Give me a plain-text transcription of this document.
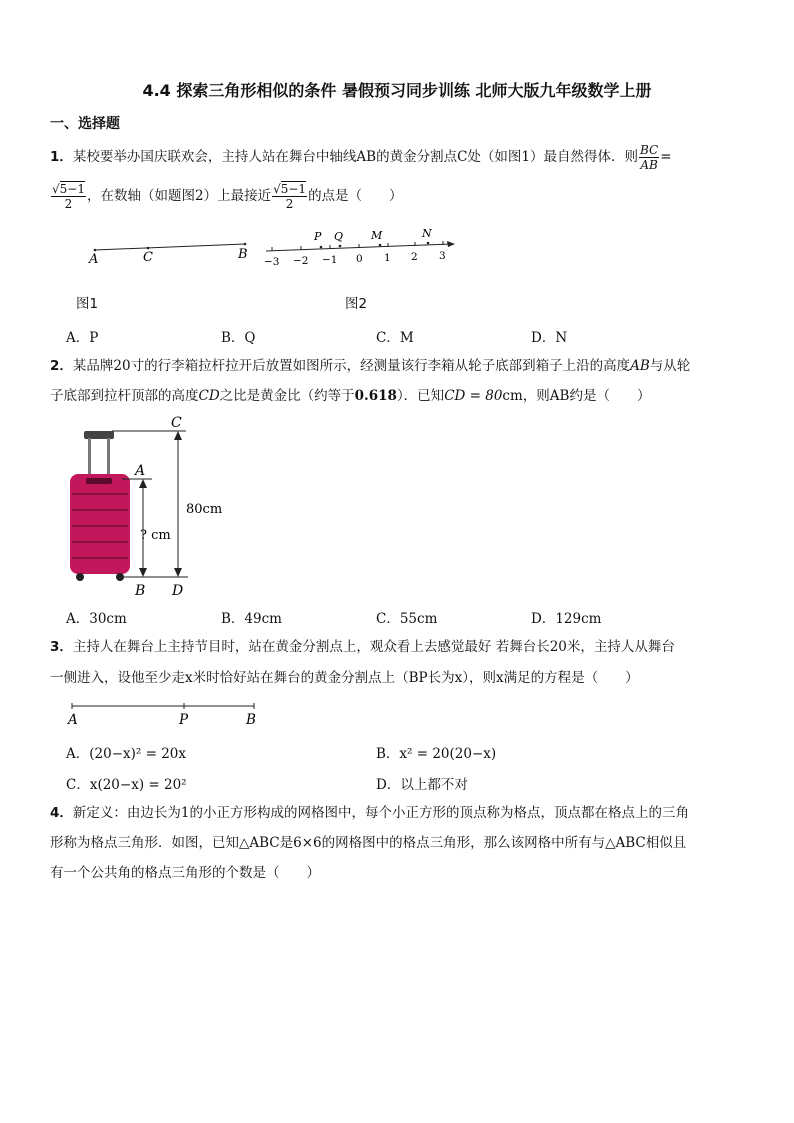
4.4 探索三角形相似的条件 暑假预习同步训练 北师大版九年级数学上册
一、选择题
1．某校要举办国庆联欢会，主持人站在舞台中轴线AB的黄金分割点C处（如图1）最自然得体．则 $\frac{BC}{AB}$ =
$\frac{√5-1}{2}$ ，在数轴（如题图2）上最接近 $\frac{√5-1}{2}$ 的点是（　　）
A	C	B −3 −2 −1 0 1 2 3
P Q	M	N
图1	图2
A．P	B．Q	C．M	D．N
2．某品牌20寸的行李箱拉杆拉开后放置如图所示，经测量该行李箱从轮子底部到箱子上沿的高度AB与从轮
子底部到拉杆顶部的高度CD之比是黄金比（约等于0.618）．已知CD = 80cm，则AB约是（　　）
C
A
B D
80cm
? cm
A．30cm	B．49cm	C．55cm	D．129cm
3．主持人在舞台上主持节目时，站在黄金分割点上，观众看上去感觉最好 若舞台长20米，主持人从舞台
一侧进入，设他至少走x米时恰好站在舞台的黄金分割点上（BP长为x），则x满足的方程是（　　）
A	P	B
A．(20−x)² = 20x	B．x² = 20(20−x)
C．x(20−x) = 20²	D．以上都不对
4．新定义：由边长为1的小正方形构成的网格图中，每个小正方形的顶点称为格点，顶点都在格点上的三角
形称为格点三角形．如图，已知△ABC是6×6的网格图中的格点三角形，那么该网格中所有与△ABC相似且
有一个公共角的格点三角形的个数是（　　）
